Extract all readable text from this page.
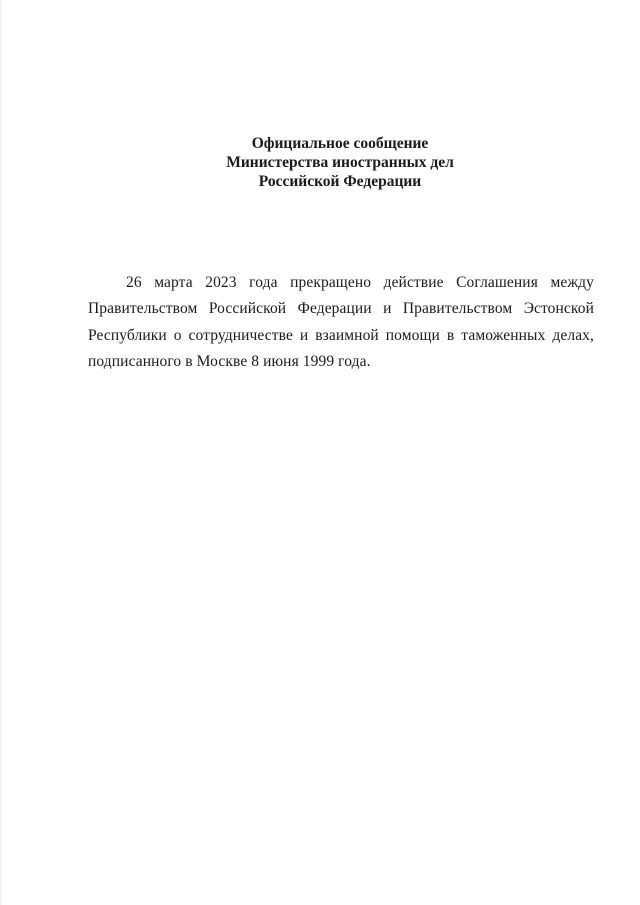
Официальное сообщение
Министерства иностранных дел
Российской Федерации

26 марта 2023 года прекращено действие Соглашения между Правительством Российской Федерации и Правительством Эстонской Республики о сотрудничестве и взаимной помощи в таможенных делах, подписанного в Москве 8 июня 1999 года.
